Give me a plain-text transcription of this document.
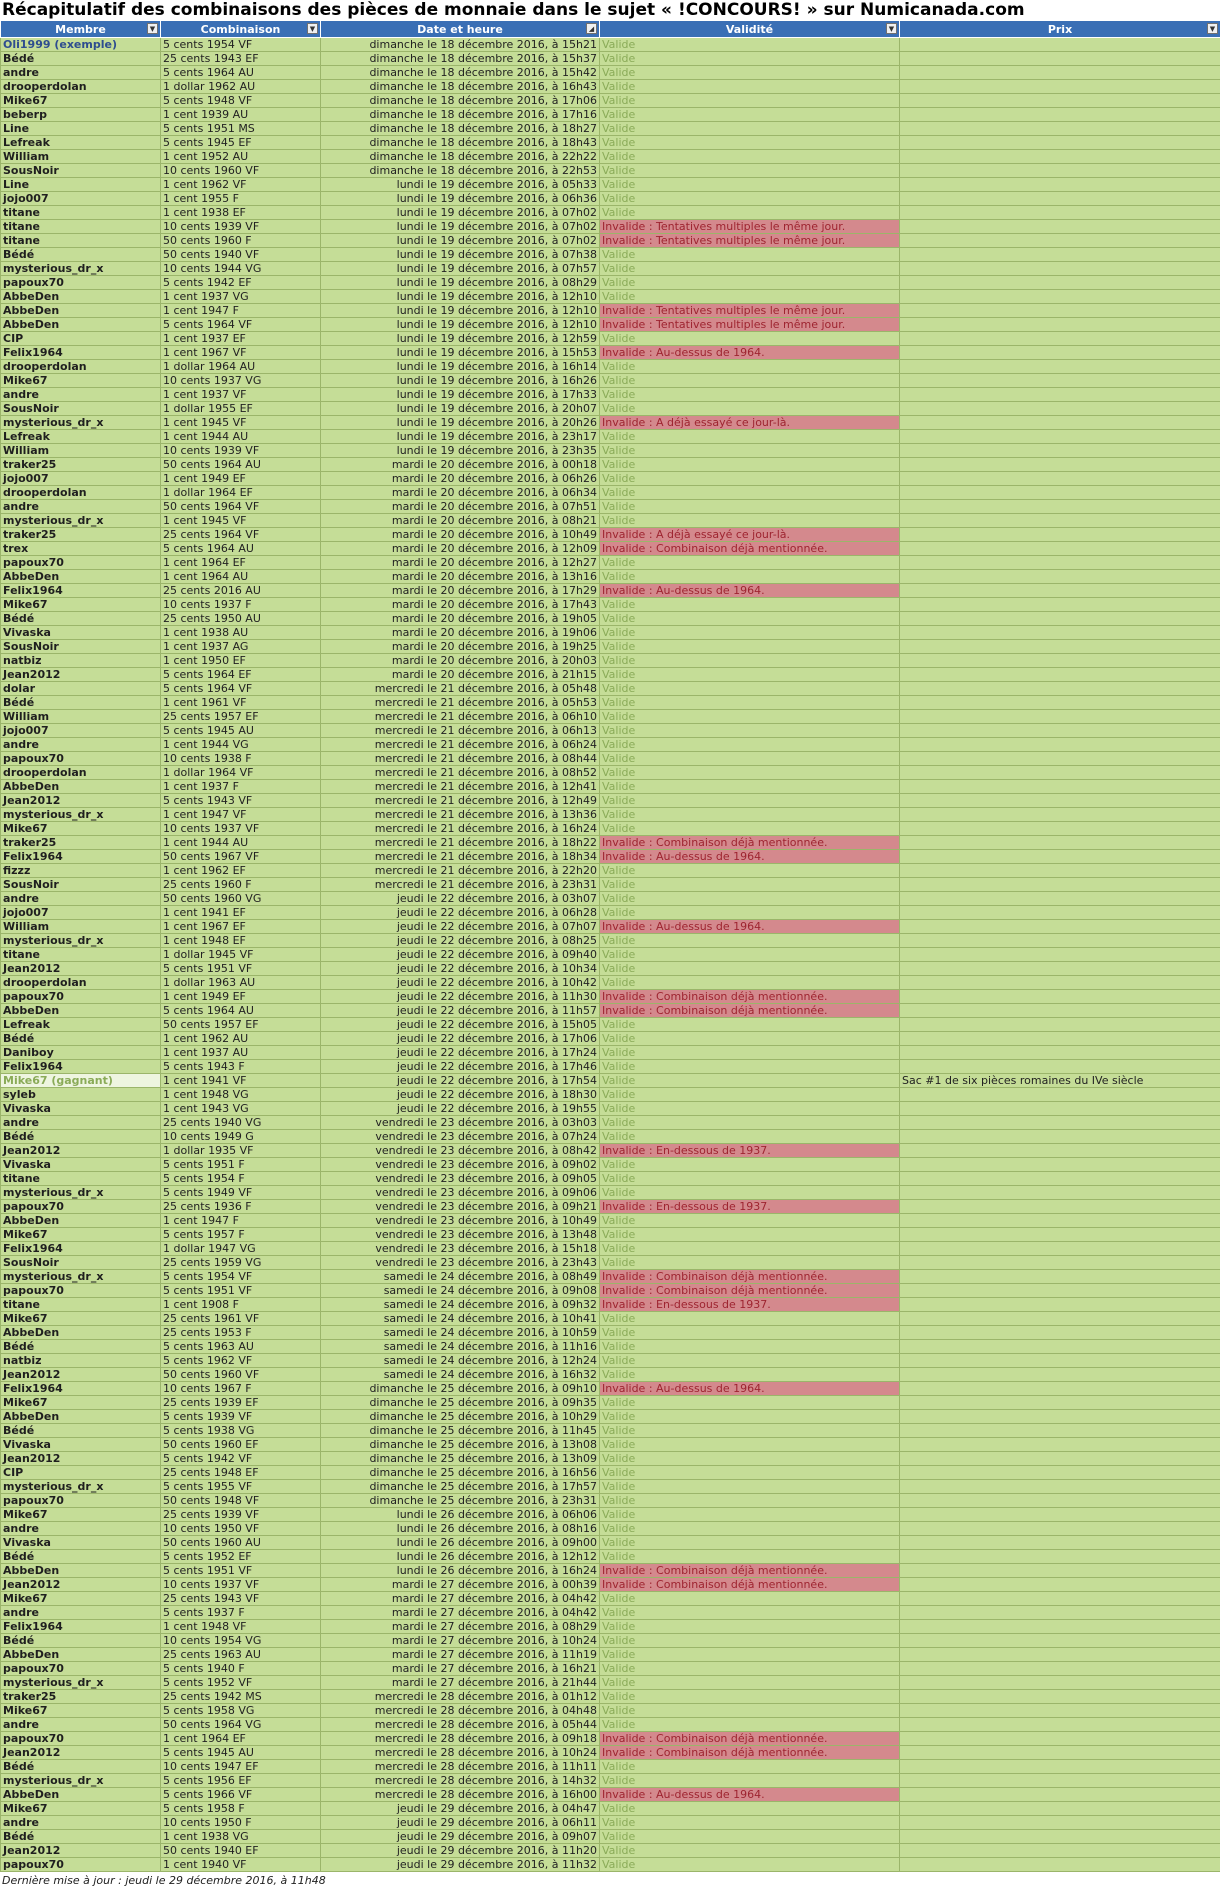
Récapitulatif des combinaisons des pièces de monnaie dans le sujet « !CONCOURS! » sur Numicanada.com
Membre ▼	Combinaison ▼	Date et heure ◢	Validité ▼	Prix ▼

Oli1999 (exemple)	5 cents 1954 VF	dimanche le 18 décembre 2016, à 15h21	Valide	
Bédé	25 cents 1943 EF	dimanche le 18 décembre 2016, à 15h37	Valide	
andre	5 cents 1964 AU	dimanche le 18 décembre 2016, à 15h42	Valide	
drooperdolan	1 dollar 1962 AU	dimanche le 18 décembre 2016, à 16h43	Valide	
Mike67	5 cents 1948 VF	dimanche le 18 décembre 2016, à 17h06	Valide	
beberp	1 cent 1939 AU	dimanche le 18 décembre 2016, à 17h16	Valide	
Line	5 cents 1951 MS	dimanche le 18 décembre 2016, à 18h27	Valide	
Lefreak	5 cents 1945 EF	dimanche le 18 décembre 2016, à 18h43	Valide	
William	1 cent 1952 AU	dimanche le 18 décembre 2016, à 22h22	Valide	
SousNoir	10 cents 1960 VF	dimanche le 18 décembre 2016, à 22h53	Valide	
Line	1 cent 1962 VF	lundi le 19 décembre 2016, à 05h33	Valide	
jojo007	1 cent 1955 F	lundi le 19 décembre 2016, à 06h36	Valide	
titane	1 cent 1938 EF	lundi le 19 décembre 2016, à 07h02	Valide	
titane	10 cents 1939 VF	lundi le 19 décembre 2016, à 07h02	Invalide : Tentatives multiples le même jour.	
titane	50 cents 1960 F	lundi le 19 décembre 2016, à 07h02	Invalide : Tentatives multiples le même jour.	
Bédé	50 cents 1940 VF	lundi le 19 décembre 2016, à 07h38	Valide	
mysterious_dr_x	10 cents 1944 VG	lundi le 19 décembre 2016, à 07h57	Valide	
papoux70	5 cents 1942 EF	lundi le 19 décembre 2016, à 08h29	Valide	
AbbeDen	1 cent 1937 VG	lundi le 19 décembre 2016, à 12h10	Valide	
AbbeDen	1 cent 1947 F	lundi le 19 décembre 2016, à 12h10	Invalide : Tentatives multiples le même jour.	
AbbeDen	5 cents 1964 VF	lundi le 19 décembre 2016, à 12h10	Invalide : Tentatives multiples le même jour.	
CIP	1 cent 1937 EF	lundi le 19 décembre 2016, à 12h59	Valide	
Felix1964	1 cent 1967 VF	lundi le 19 décembre 2016, à 15h53	Invalide : Au-dessus de 1964.	
drooperdolan	1 dollar 1964 AU	lundi le 19 décembre 2016, à 16h14	Valide	
Mike67	10 cents 1937 VG	lundi le 19 décembre 2016, à 16h26	Valide	
andre	1 cent 1937 VF	lundi le 19 décembre 2016, à 17h33	Valide	
SousNoir	1 dollar 1955 EF	lundi le 19 décembre 2016, à 20h07	Valide	
mysterious_dr_x	1 cent 1945 VF	lundi le 19 décembre 2016, à 20h26	Invalide : A déjà essayé ce jour-là.	
Lefreak	1 cent 1944 AU	lundi le 19 décembre 2016, à 23h17	Valide	
William	10 cents 1939 VF	lundi le 19 décembre 2016, à 23h35	Valide	
traker25	50 cents 1964 AU	mardi le 20 décembre 2016, à 00h18	Valide	
jojo007	1 cent 1949 EF	mardi le 20 décembre 2016, à 06h26	Valide	
drooperdolan	1 dollar 1964 EF	mardi le 20 décembre 2016, à 06h34	Valide	
andre	50 cents 1964 VF	mardi le 20 décembre 2016, à 07h51	Valide	
mysterious_dr_x	1 cent 1945 VF	mardi le 20 décembre 2016, à 08h21	Valide	
traker25	25 cents 1964 VF	mardi le 20 décembre 2016, à 10h49	Invalide : A déjà essayé ce jour-là.	
trex	5 cents 1964 AU	mardi le 20 décembre 2016, à 12h09	Invalide : Combinaison déjà mentionnée.	
papoux70	1 cent 1964 EF	mardi le 20 décembre 2016, à 12h27	Valide	
AbbeDen	1 cent 1964 AU	mardi le 20 décembre 2016, à 13h16	Valide	
Felix1964	25 cents 2016 AU	mardi le 20 décembre 2016, à 17h29	Invalide : Au-dessus de 1964.	
Mike67	10 cents 1937 F	mardi le 20 décembre 2016, à 17h43	Valide	
Bédé	25 cents 1950 AU	mardi le 20 décembre 2016, à 19h05	Valide	
Vivaska	1 cent 1938 AU	mardi le 20 décembre 2016, à 19h06	Valide	
SousNoir	1 cent 1937 AG	mardi le 20 décembre 2016, à 19h25	Valide	
natbiz	1 cent 1950 EF	mardi le 20 décembre 2016, à 20h03	Valide	
Jean2012	5 cents 1964 EF	mardi le 20 décembre 2016, à 21h15	Valide	
dolar	5 cents 1964 VF	mercredi le 21 décembre 2016, à 05h48	Valide	
Bédé	1 cent 1961 VF	mercredi le 21 décembre 2016, à 05h53	Valide	
William	25 cents 1957 EF	mercredi le 21 décembre 2016, à 06h10	Valide	
jojo007	5 cents 1945 AU	mercredi le 21 décembre 2016, à 06h13	Valide	
andre	1 cent 1944 VG	mercredi le 21 décembre 2016, à 06h24	Valide	
papoux70	10 cents 1938 F	mercredi le 21 décembre 2016, à 08h44	Valide	
drooperdolan	1 dollar 1964 VF	mercredi le 21 décembre 2016, à 08h52	Valide	
AbbeDen	1 cent 1937 F	mercredi le 21 décembre 2016, à 12h41	Valide	
Jean2012	5 cents 1943 VF	mercredi le 21 décembre 2016, à 12h49	Valide	
mysterious_dr_x	1 cent 1947 VF	mercredi le 21 décembre 2016, à 13h36	Valide	
Mike67	10 cents 1937 VF	mercredi le 21 décembre 2016, à 16h24	Valide	
traker25	1 cent 1944 AU	mercredi le 21 décembre 2016, à 18h22	Invalide : Combinaison déjà mentionnée.	
Felix1964	50 cents 1967 VF	mercredi le 21 décembre 2016, à 18h34	Invalide : Au-dessus de 1964.	
fizzz	1 cent 1962 EF	mercredi le 21 décembre 2016, à 22h20	Valide	
SousNoir	25 cents 1960 F	mercredi le 21 décembre 2016, à 23h31	Valide	
andre	50 cents 1960 VG	jeudi le 22 décembre 2016, à 03h07	Valide	
jojo007	1 cent 1941 EF	jeudi le 22 décembre 2016, à 06h28	Valide	
William	1 cent 1967 EF	jeudi le 22 décembre 2016, à 07h07	Invalide : Au-dessus de 1964.	
mysterious_dr_x	1 cent 1948 EF	jeudi le 22 décembre 2016, à 08h25	Valide	
titane	1 dollar 1945 VF	jeudi le 22 décembre 2016, à 09h40	Valide	
Jean2012	5 cents 1951 VF	jeudi le 22 décembre 2016, à 10h34	Valide	
drooperdolan	1 dollar 1963 AU	jeudi le 22 décembre 2016, à 10h42	Valide	
papoux70	1 cent 1949 EF	jeudi le 22 décembre 2016, à 11h30	Invalide : Combinaison déjà mentionnée.	
AbbeDen	5 cents 1964 AU	jeudi le 22 décembre 2016, à 11h57	Invalide : Combinaison déjà mentionnée.	
Lefreak	50 cents 1957 EF	jeudi le 22 décembre 2016, à 15h05	Valide	
Bédé	1 cent 1962 AU	jeudi le 22 décembre 2016, à 17h06	Valide	
Daniboy	1 cent 1937 AU	jeudi le 22 décembre 2016, à 17h24	Valide	
Felix1964	5 cents 1943 F	jeudi le 22 décembre 2016, à 17h46	Valide	
Mike67 (gagnant)	1 cent 1941 VF	jeudi le 22 décembre 2016, à 17h54	Valide	Sac #1 de six pièces romaines du IVe siècle
syleb	1 cent 1948 VG	jeudi le 22 décembre 2016, à 18h30	Valide	
Vivaska	1 cent 1943 VG	jeudi le 22 décembre 2016, à 19h55	Valide	
andre	25 cents 1940 VG	vendredi le 23 décembre 2016, à 03h03	Valide	
Bédé	10 cents 1949 G	vendredi le 23 décembre 2016, à 07h24	Valide	
Jean2012	1 dollar 1935 VF	vendredi le 23 décembre 2016, à 08h42	Invalide : En-dessous de 1937.	
Vivaska	5 cents 1951 F	vendredi le 23 décembre 2016, à 09h02	Valide	
titane	5 cents 1954 F	vendredi le 23 décembre 2016, à 09h05	Valide	
mysterious_dr_x	5 cents 1949 VF	vendredi le 23 décembre 2016, à 09h06	Valide	
papoux70	25 cents 1936 F	vendredi le 23 décembre 2016, à 09h21	Invalide : En-dessous de 1937.	
AbbeDen	1 cent 1947 F	vendredi le 23 décembre 2016, à 10h49	Valide	
Mike67	5 cents 1957 F	vendredi le 23 décembre 2016, à 13h48	Valide	
Felix1964	1 dollar 1947 VG	vendredi le 23 décembre 2016, à 15h18	Valide	
SousNoir	25 cents 1959 VG	vendredi le 23 décembre 2016, à 23h43	Valide	
mysterious_dr_x	5 cents 1954 VF	samedi le 24 décembre 2016, à 08h49	Invalide : Combinaison déjà mentionnée.	
papoux70	5 cents 1951 VF	samedi le 24 décembre 2016, à 09h08	Invalide : Combinaison déjà mentionnée.	
titane	1 cent 1908 F	samedi le 24 décembre 2016, à 09h32	Invalide : En-dessous de 1937.	
Mike67	25 cents 1961 VF	samedi le 24 décembre 2016, à 10h41	Valide	
AbbeDen	25 cents 1953 F	samedi le 24 décembre 2016, à 10h59	Valide	
Bédé	5 cents 1963 AU	samedi le 24 décembre 2016, à 11h16	Valide	
natbiz	5 cents 1962 VF	samedi le 24 décembre 2016, à 12h24	Valide	
Jean2012	50 cents 1960 VF	samedi le 24 décembre 2016, à 16h32	Valide	
Felix1964	10 cents 1967 F	dimanche le 25 décembre 2016, à 09h10	Invalide : Au-dessus de 1964.	
Mike67	25 cents 1939 EF	dimanche le 25 décembre 2016, à 09h35	Valide	
AbbeDen	5 cents 1939 VF	dimanche le 25 décembre 2016, à 10h29	Valide	
Bédé	5 cents 1938 VG	dimanche le 25 décembre 2016, à 11h45	Valide	
Vivaska	50 cents 1960 EF	dimanche le 25 décembre 2016, à 13h08	Valide	
Jean2012	5 cents 1942 VF	dimanche le 25 décembre 2016, à 13h09	Valide	
CIP	25 cents 1948 EF	dimanche le 25 décembre 2016, à 16h56	Valide	
mysterious_dr_x	5 cents 1955 VF	dimanche le 25 décembre 2016, à 17h57	Valide	
papoux70	50 cents 1948 VF	dimanche le 25 décembre 2016, à 23h31	Valide	
Mike67	25 cents 1939 VF	lundi le 26 décembre 2016, à 06h06	Valide	
andre	10 cents 1950 VF	lundi le 26 décembre 2016, à 08h16	Valide	
Vivaska	50 cents 1960 AU	lundi le 26 décembre 2016, à 09h00	Valide	
Bédé	5 cents 1952 EF	lundi le 26 décembre 2016, à 12h12	Valide	
AbbeDen	5 cents 1951 VF	lundi le 26 décembre 2016, à 16h24	Invalide : Combinaison déjà mentionnée.	
Jean2012	10 cents 1937 VF	mardi le 27 décembre 2016, à 00h39	Invalide : Combinaison déjà mentionnée.	
Mike67	25 cents 1943 VF	mardi le 27 décembre 2016, à 04h42	Valide	
andre	5 cents 1937 F	mardi le 27 décembre 2016, à 04h42	Valide	
Felix1964	1 cent 1948 VF	mardi le 27 décembre 2016, à 08h29	Valide	
Bédé	10 cents 1954 VG	mardi le 27 décembre 2016, à 10h24	Valide	
AbbeDen	25 cents 1963 AU	mardi le 27 décembre 2016, à 11h19	Valide	
papoux70	5 cents 1940 F	mardi le 27 décembre 2016, à 16h21	Valide	
mysterious_dr_x	5 cents 1952 VF	mardi le 27 décembre 2016, à 21h44	Valide	
traker25	25 cents 1942 MS	mercredi le 28 décembre 2016, à 01h12	Valide	
Mike67	5 cents 1958 VG	mercredi le 28 décembre 2016, à 04h48	Valide	
andre	50 cents 1964 VG	mercredi le 28 décembre 2016, à 05h44	Valide	
papoux70	1 cent 1964 EF	mercredi le 28 décembre 2016, à 09h18	Invalide : Combinaison déjà mentionnée.	
Jean2012	5 cents 1945 AU	mercredi le 28 décembre 2016, à 10h24	Invalide : Combinaison déjà mentionnée.	
Bédé	10 cents 1947 EF	mercredi le 28 décembre 2016, à 11h11	Valide	
mysterious_dr_x	5 cents 1956 EF	mercredi le 28 décembre 2016, à 14h32	Valide	
AbbeDen	5 cents 1966 VF	mercredi le 28 décembre 2016, à 16h00	Invalide : Au-dessus de 1964.	
Mike67	5 cents 1958 F	jeudi le 29 décembre 2016, à 04h47	Valide	
andre	10 cents 1950 F	jeudi le 29 décembre 2016, à 06h11	Valide	
Bédé	1 cent 1938 VG	jeudi le 29 décembre 2016, à 09h07	Valide	
Jean2012	50 cents 1940 EF	jeudi le 29 décembre 2016, à 11h20	Valide	
papoux70	1 cent 1940 VF	jeudi le 29 décembre 2016, à 11h32	Valide	
Dernière mise à jour : jeudi le 29 décembre 2016, à 11h48
